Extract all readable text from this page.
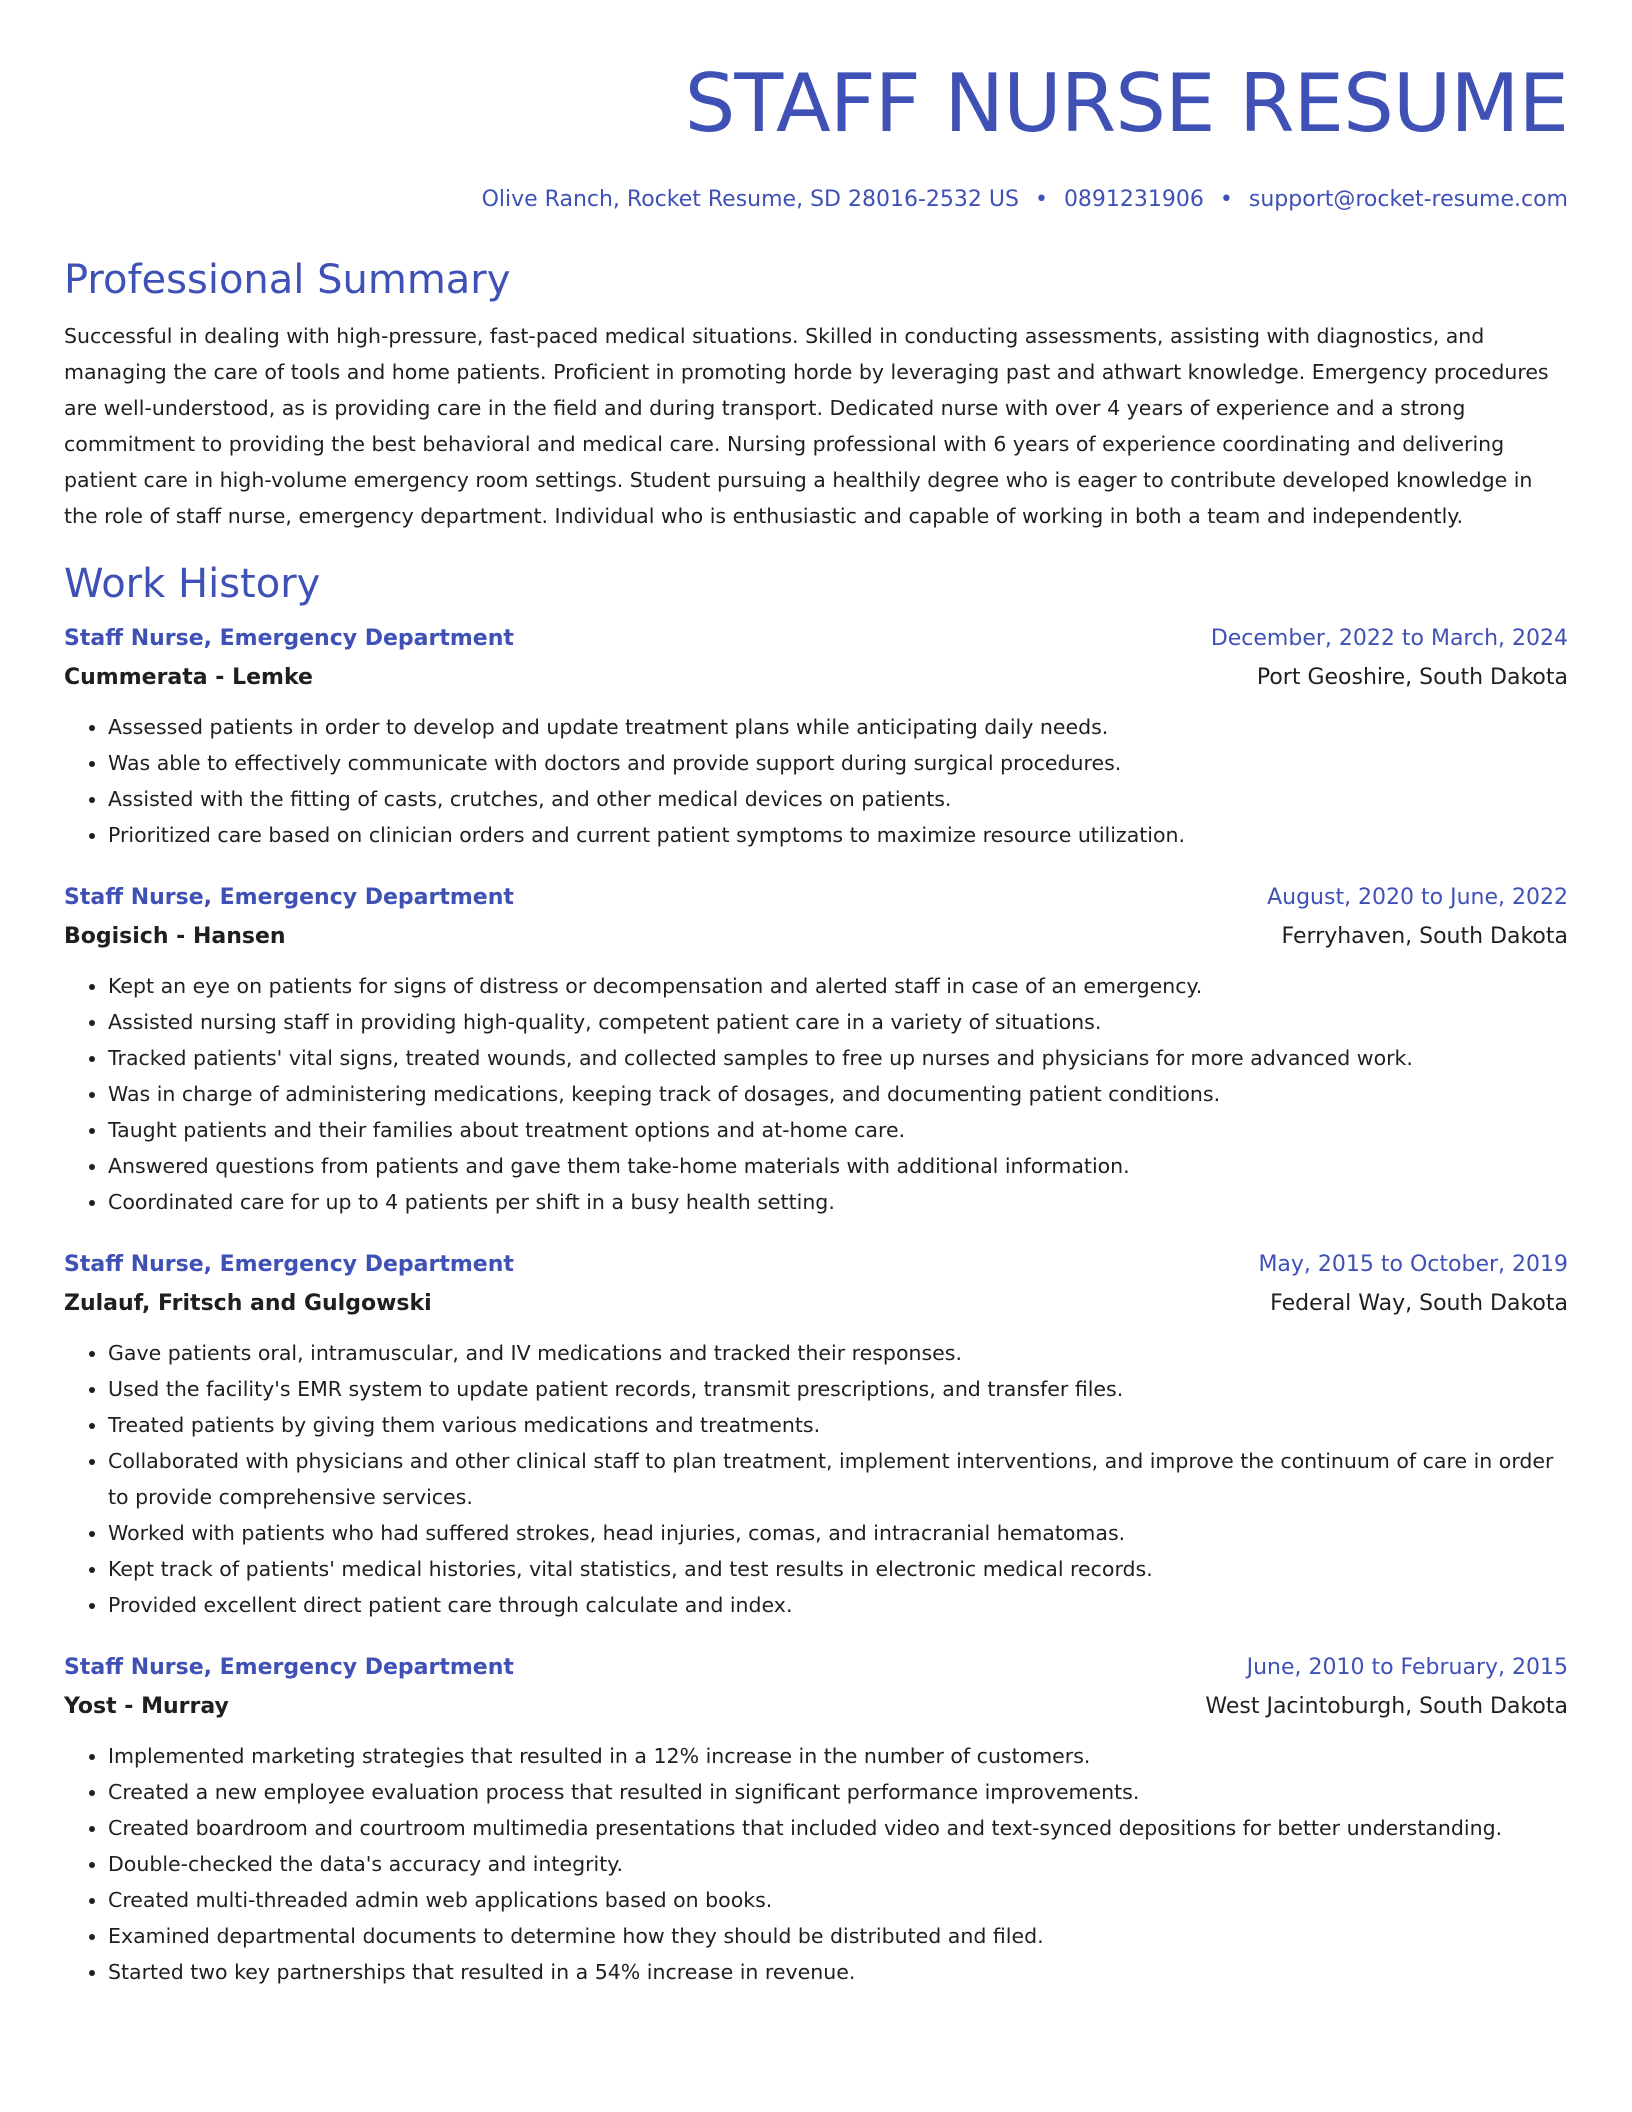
STAFF NURSE RESUME
Olive Ranch, Rocket Resume, SD 28016-2532 US • 0891231906 • support@rocket-resume.com
Professional Summary

Successful in dealing with high-pressure, fast-paced medical situations. Skilled in conducting assessments, assisting with diagnostics, and managing the care of tools and home patients. Proficient in promoting horde by leveraging past and athwart knowledge. Emergency procedures are well-understood, as is providing care in the field and during transport. Dedicated nurse with over 4 years of experience and a strong commitment to providing the best behavioral and medical care. Nursing professional with 6 years of experience coordinating and delivering patient care in high-volume emergency room settings. Student pursuing a healthily degree who is eager to contribute developed knowledge in the role of staff nurse, emergency department. Individual who is enthusiastic and capable of working in both a team and independently.

Work History
Staff Nurse, Emergency Department	December, 2022 to March, 2024
Cummerata - Lemke	Port Geoshire, South Dakota
• Assessed patients in order to develop and update treatment plans while anticipating daily needs.
• Was able to effectively communicate with doctors and provide support during surgical procedures.
• Assisted with the fitting of casts, crutches, and other medical devices on patients.
• Prioritized care based on clinician orders and current patient symptoms to maximize resource utilization.
Staff Nurse, Emergency Department	August, 2020 to June, 2022
Bogisich - Hansen	Ferryhaven, South Dakota
• Kept an eye on patients for signs of distress or decompensation and alerted staff in case of an emergency.
• Assisted nursing staff in providing high-quality, competent patient care in a variety of situations.
• Tracked patients' vital signs, treated wounds, and collected samples to free up nurses and physicians for more advanced work.
• Was in charge of administering medications, keeping track of dosages, and documenting patient conditions.
• Taught patients and their families about treatment options and at-home care.
• Answered questions from patients and gave them take-home materials with additional information.
• Coordinated care for up to 4 patients per shift in a busy health setting.
Staff Nurse, Emergency Department	May, 2015 to October, 2019
Zulauf, Fritsch and Gulgowski	Federal Way, South Dakota
• Gave patients oral, intramuscular, and IV medications and tracked their responses.
• Used the facility's EMR system to update patient records, transmit prescriptions, and transfer files.
• Treated patients by giving them various medications and treatments.
• Collaborated with physicians and other clinical staff to plan treatment, implement interventions, and improve the continuum of care in order to provide comprehensive services.
• Worked with patients who had suffered strokes, head injuries, comas, and intracranial hematomas.
• Kept track of patients' medical histories, vital statistics, and test results in electronic medical records.
• Provided excellent direct patient care through calculate and index.
Staff Nurse, Emergency Department	June, 2010 to February, 2015
Yost - Murray	West Jacintoburgh, South Dakota
• Implemented marketing strategies that resulted in a 12% increase in the number of customers.
• Created a new employee evaluation process that resulted in significant performance improvements.
• Created boardroom and courtroom multimedia presentations that included video and text-synced depositions for better understanding.
• Double-checked the data's accuracy and integrity.
• Created multi-threaded admin web applications based on books.
• Examined departmental documents to determine how they should be distributed and filed.
• Started two key partnerships that resulted in a 54% increase in revenue.
